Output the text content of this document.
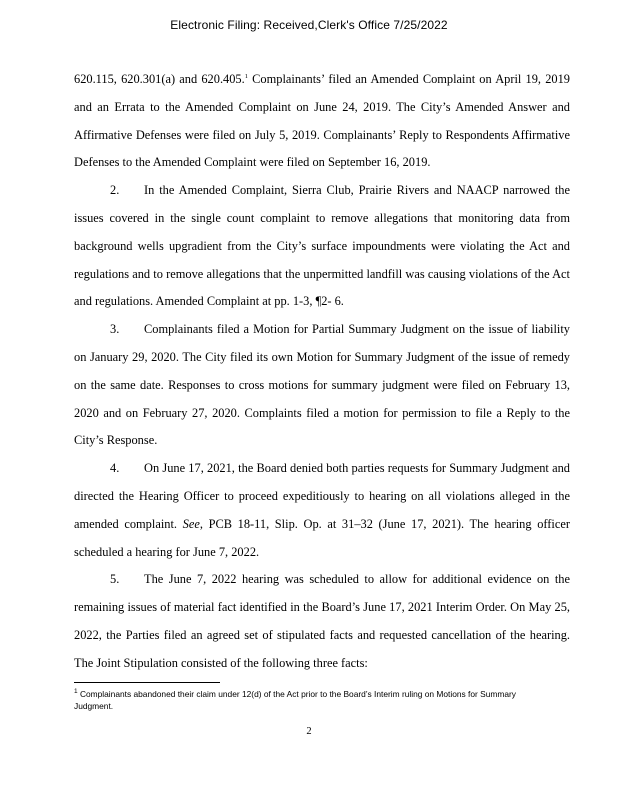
Electronic Filing: Received,Clerk's Office 7/25/2022

620.115, 620.301(a) and 620.405.$^1$ Complainants’ filed an Amended Complaint on April 19, 2019 and an Errata to the Amended Complaint on June 24, 2019. The City’s Amended Answer and Affirmative Defenses were filed on July 5, 2019. Complainants’ Reply to Respondents Affirmative Defenses to the Amended Complaint were filed on September 16, 2019.

2. In the Amended Complaint, Sierra Club, Prairie Rivers and NAACP narrowed the issues covered in the single count complaint to remove allegations that monitoring data from background wells upgradient from the City’s surface impoundments were violating the Act and regulations and to remove allegations that the unpermitted landfill was causing violations of the Act and regulations. Amended Complaint at pp. 1-3, ¶2- 6.

3. Complainants filed a Motion for Partial Summary Judgment on the issue of liability on January 29, 2020. The City filed its own Motion for Summary Judgment of the issue of remedy on the same date. Responses to cross motions for summary judgment were filed on February 13, 2020 and on February 27, 2020. Complaints filed a motion for permission to file a Reply to the City’s Response.

4. On June 17, 2021, the Board denied both parties requests for Summary Judgment and directed the Hearing Officer to proceed expeditiously to hearing on all violations alleged in the amended complaint. See, PCB 18-11, Slip. Op. at 31–32 (June 17, 2021). The hearing officer scheduled a hearing for June 7, 2022.

5. The June 7, 2022 hearing was scheduled to allow for additional evidence on the remaining issues of material fact identified in the Board’s June 17, 2021 Interim Order. On May 25, 2022, the Parties filed an agreed set of stipulated facts and requested cancellation of the hearing. The Joint Stipulation consisted of the following three facts:

$^1$ Complainants abandoned their claim under 12(d) of the Act prior to the Board’s Interim ruling on Motions for Summary Judgment.
2
